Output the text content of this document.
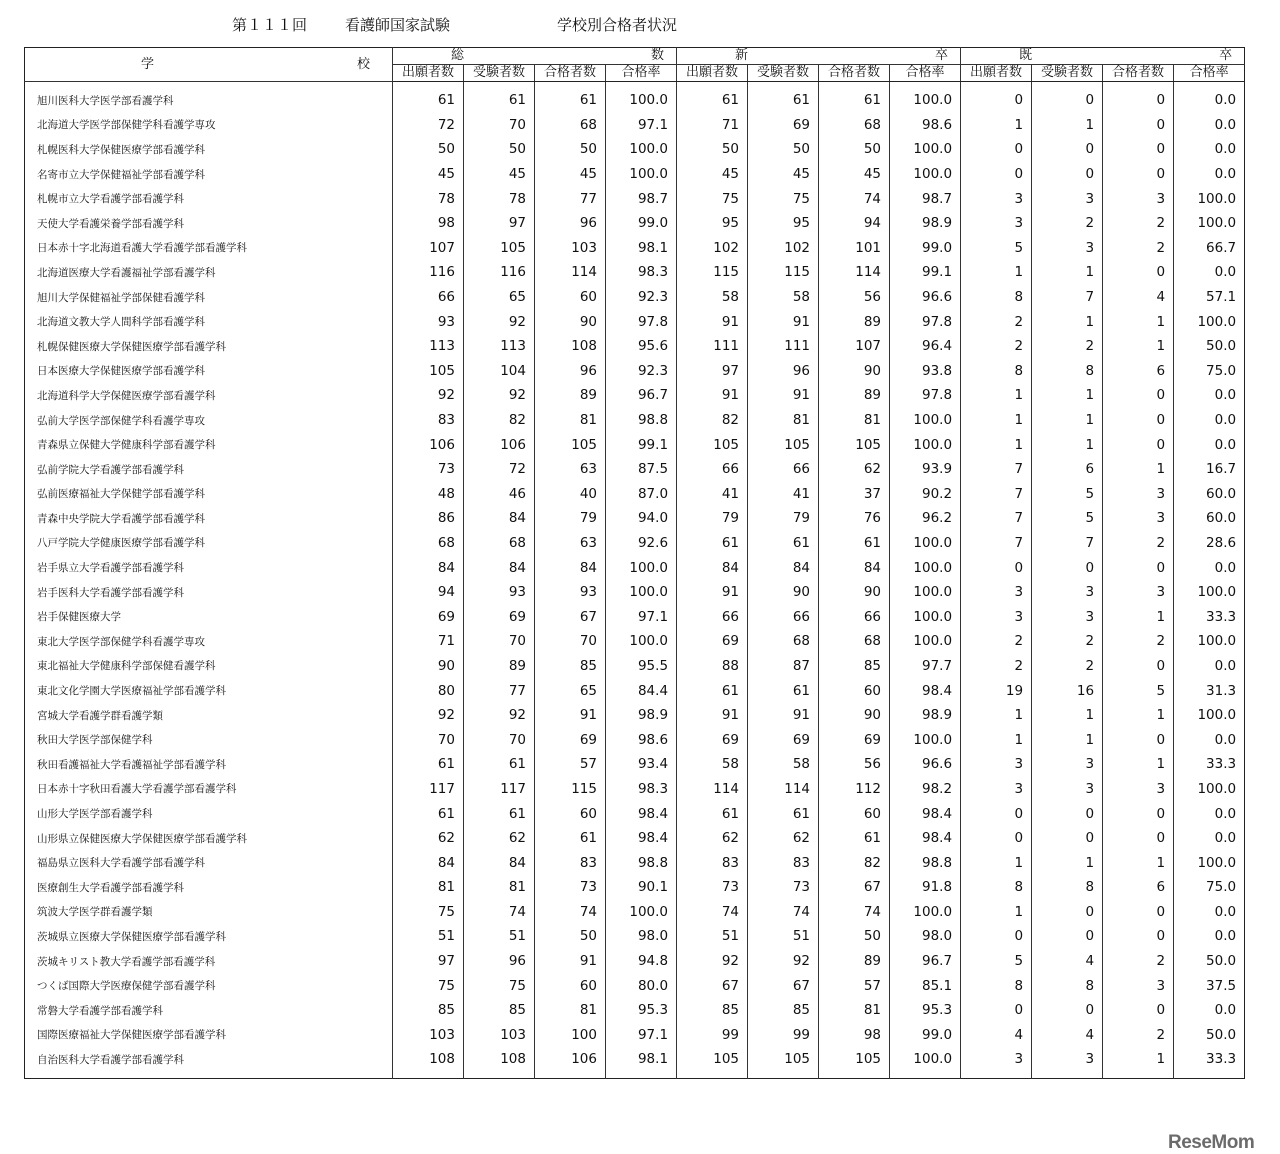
第１１１回	看護師国家試験	学校別合格者状況
学 校	総 数				新 卒				既 卒			

	出願者数	受験者数	合格者数	合格率	出願者数	受験者数	合格者数	合格率	出願者数	受験者数	合格者数	合格率
旭川医科大学医学部看護学科	61	61	61	100.0	61	61	61	100.0	0	0	0	0.0
北海道大学医学部保健学科看護学専攻	72	70	68	97.1	71	69	68	98.6	1	1	0	0.0
札幌医科大学保健医療学部看護学科	50	50	50	100.0	50	50	50	100.0	0	0	0	0.0
名寄市立大学保健福祉学部看護学科	45	45	45	100.0	45	45	45	100.0	0	0	0	0.0
札幌市立大学看護学部看護学科	78	78	77	98.7	75	75	74	98.7	3	3	3	100.0
天使大学看護栄養学部看護学科	98	97	96	99.0	95	95	94	98.9	3	2	2	100.0
日本赤十字北海道看護大学看護学部看護学科	107	105	103	98.1	102	102	101	99.0	5	3	2	66.7
北海道医療大学看護福祉学部看護学科	116	116	114	98.3	115	115	114	99.1	1	1	0	0.0
旭川大学保健福祉学部保健看護学科	66	65	60	92.3	58	58	56	96.6	8	7	4	57.1
北海道文教大学人間科学部看護学科	93	92	90	97.8	91	91	89	97.8	2	1	1	100.0
札幌保健医療大学保健医療学部看護学科	113	113	108	95.6	111	111	107	96.4	2	2	1	50.0
日本医療大学保健医療学部看護学科	105	104	96	92.3	97	96	90	93.8	8	8	6	75.0
北海道科学大学保健医療学部看護学科	92	92	89	96.7	91	91	89	97.8	1	1	0	0.0
弘前大学医学部保健学科看護学専攻	83	82	81	98.8	82	81	81	100.0	1	1	0	0.0
青森県立保健大学健康科学部看護学科	106	106	105	99.1	105	105	105	100.0	1	1	0	0.0
弘前学院大学看護学部看護学科	73	72	63	87.5	66	66	62	93.9	7	6	1	16.7
弘前医療福祉大学保健学部看護学科	48	46	40	87.0	41	41	37	90.2	7	5	3	60.0
青森中央学院大学看護学部看護学科	86	84	79	94.0	79	79	76	96.2	7	5	3	60.0
八戸学院大学健康医療学部看護学科	68	68	63	92.6	61	61	61	100.0	7	7	2	28.6
岩手県立大学看護学部看護学科	84	84	84	100.0	84	84	84	100.0	0	0	0	0.0
岩手医科大学看護学部看護学科	94	93	93	100.0	91	90	90	100.0	3	3	3	100.0
岩手保健医療大学	69	69	67	97.1	66	66	66	100.0	3	3	1	33.3
東北大学医学部保健学科看護学専攻	71	70	70	100.0	69	68	68	100.0	2	2	2	100.0
東北福祉大学健康科学部保健看護学科	90	89	85	95.5	88	87	85	97.7	2	2	0	0.0
東北文化学園大学医療福祉学部看護学科	80	77	65	84.4	61	61	60	98.4	19	16	5	31.3
宮城大学看護学群看護学類	92	92	91	98.9	91	91	90	98.9	1	1	1	100.0
秋田大学医学部保健学科	70	70	69	98.6	69	69	69	100.0	1	1	0	0.0
秋田看護福祉大学看護福祉学部看護学科	61	61	57	93.4	58	58	56	96.6	3	3	1	33.3
日本赤十字秋田看護大学看護学部看護学科	117	117	115	98.3	114	114	112	98.2	3	3	3	100.0
山形大学医学部看護学科	61	61	60	98.4	61	61	60	98.4	0	0	0	0.0
山形県立保健医療大学保健医療学部看護学科	62	62	61	98.4	62	62	61	98.4	0	0	0	0.0
福島県立医科大学看護学部看護学科	84	84	83	98.8	83	83	82	98.8	1	1	1	100.0
医療創生大学看護学部看護学科	81	81	73	90.1	73	73	67	91.8	8	8	6	75.0
筑波大学医学群看護学類	75	74	74	100.0	74	74	74	100.0	1	0	0	0.0
茨城県立医療大学保健医療学部看護学科	51	51	50	98.0	51	51	50	98.0	0	0	0	0.0
茨城キリスト教大学看護学部看護学科	97	96	91	94.8	92	92	89	96.7	5	4	2	50.0
つくば国際大学医療保健学部看護学科	75	75	60	80.0	67	67	57	85.1	8	8	3	37.5
常磐大学看護学部看護学科	85	85	81	95.3	85	85	81	95.3	0	0	0	0.0
国際医療福祉大学保健医療学部看護学科	103	103	100	97.1	99	99	98	99.0	4	4	2	50.0
自治医科大学看護学部看護学科	108	108	106	98.1	105	105	105	100.0	3	3	1	33.3
ReseMom
